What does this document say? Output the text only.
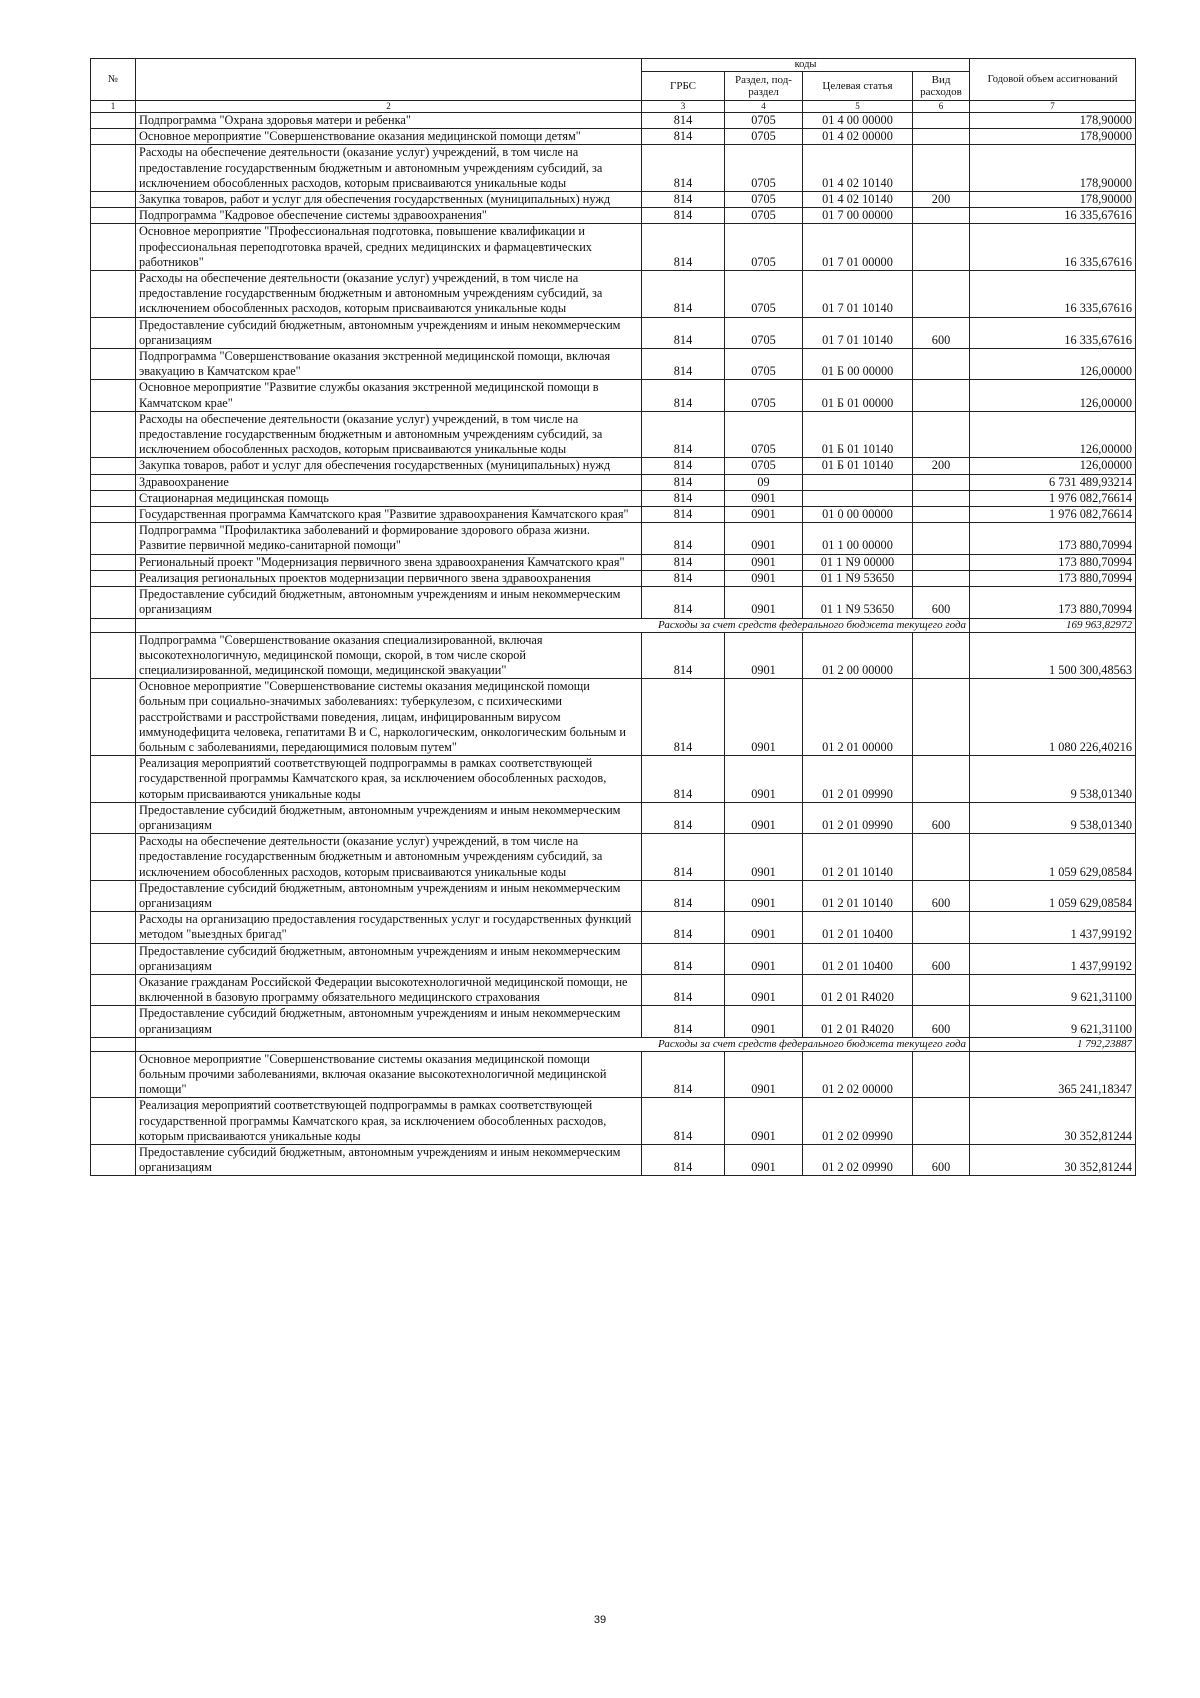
№		коды				Годовой объем ассигнований
		ГРБС	Раздел, под-раздел	Целевая статья	Вид расходов	
1	2	3	4	5	6	7
	Подпрограмма "Охрана здоровья матери и ребенка"	814	0705	01 4 00 00000		178,90000
	Основное мероприятие "Совершенствование оказания медицинской помощи детям"	814	0705	01 4 02 00000		178,90000
	Расходы на обеспечение деятельности (оказание услуг) учреждений, в том числе на предоставление государственным бюджетным и автономным учреждениям субсидий, за исключением обособленных расходов, которым присваиваются уникальные коды	814	0705	01 4 02 10140		178,90000
	Закупка товаров, работ и услуг для обеспечения государственных (муниципальных) нужд	814	0705	01 4 02 10140	200	178,90000
	Подпрограмма "Кадровое обеспечение системы здравоохранения"	814	0705	01 7 00 00000		16 335,67616
	Основное мероприятие "Профессиональная подготовка, повышение квалификации и профессиональная переподготовка врачей, средних медицинских и фармацевтических работников"	814	0705	01 7 01 00000		16 335,67616
	Расходы на обеспечение деятельности (оказание услуг) учреждений, в том числе на предоставление государственным бюджетным и автономным учреждениям субсидий, за исключением обособленных расходов, которым присваиваются уникальные коды	814	0705	01 7 01 10140		16 335,67616
	Предоставление субсидий бюджетным, автономным учреждениям и иным некоммерческим организациям	814	0705	01 7 01 10140	600	16 335,67616
	Подпрограмма "Совершенствование оказания экстренной медицинской помощи, включая эвакуацию в Камчатском крае"	814	0705	01 Б 00 00000		126,00000
	Основное мероприятие "Развитие службы оказания экстренной медицинской помощи в Камчатском крае"	814	0705	01 Б 01 00000		126,00000
	Расходы на обеспечение деятельности (оказание услуг) учреждений, в том числе на предоставление государственным бюджетным и автономным учреждениям субсидий, за исключением обособленных расходов, которым присваиваются уникальные коды	814	0705	01 Б 01 10140		126,00000
	Закупка товаров, работ и услуг для обеспечения государственных (муниципальных) нужд	814	0705	01 Б 01 10140	200	126,00000
	Здравоохранение	814	09			6 731 489,93214
	Стационарная медицинская помощь	814	0901			1 976 082,76614
	Государственная программа Камчатского края "Развитие здравоохранения Камчатского края"	814	0901	01 0 00 00000		1 976 082,76614
	Подпрограмма "Профилактика заболеваний и формирование здорового образа жизни. Развитие первичной медико-санитарной помощи"	814	0901	01 1 00 00000		173 880,70994
	Региональный проект "Модернизация первичного звена здравоохранения Камчатского края"	814	0901	01 1 N9 00000		173 880,70994
	Реализация региональных проектов модернизации первичного звена здравоохранения	814	0901	01 1 N9 53650		173 880,70994
	Предоставление субсидий бюджетным, автономным учреждениям и иным некоммерческим организациям	814	0901	01 1 N9 53650	600	173 880,70994
	Расходы за счет средств федерального бюджета текущего года					169 963,82972
	Подпрограмма "Совершенствование оказания специализированной, включая высокотехнологичную, медицинской помощи, скорой, в том числе скорой специализированной, медицинской помощи, медицинской эвакуации"	814	0901	01 2 00 00000		1 500 300,48563
	Основное мероприятие "Совершенствование системы оказания медицинской помощи больным при социально-значимых заболеваниях: туберкулезом, с психическими расстройствами и расстройствами поведения, лицам, инфицированным вирусом иммунодефицита человека, гепатитами В и С, наркологическим, онкологическим больным и больным с заболеваниями, передающимися половым путем"	814	0901	01 2 01 00000		1 080 226,40216
	Реализация мероприятий соответствующей подпрограммы в рамках соответствующей государственной программы Камчатского края, за исключением обособленных расходов, которым присваиваются уникальные коды	814	0901	01 2 01 09990		9 538,01340
	Предоставление субсидий бюджетным, автономным учреждениям и иным некоммерческим организациям	814	0901	01 2 01 09990	600	9 538,01340
	Расходы на обеспечение деятельности (оказание услуг) учреждений, в том числе на предоставление государственным бюджетным и автономным учреждениям субсидий, за исключением обособленных расходов, которым присваиваются уникальные коды	814	0901	01 2 01 10140		1 059 629,08584
	Предоставление субсидий бюджетным, автономным учреждениям и иным некоммерческим организациям	814	0901	01 2 01 10140	600	1 059 629,08584
	Расходы на организацию предоставления государственных услуг и государственных функций методом "выездных бригад"	814	0901	01 2 01 10400		1 437,99192
	Предоставление субсидий бюджетным, автономным учреждениям и иным некоммерческим организациям	814	0901	01 2 01 10400	600	1 437,99192
	Оказание гражданам Российской Федерации высокотехнологичной медицинской помощи, не включенной в базовую программу обязательного медицинского страхования	814	0901	01 2 01 R4020		9 621,31100
	Предоставление субсидий бюджетным, автономным учреждениям и иным некоммерческим организациям	814	0901	01 2 01 R4020	600	9 621,31100
	Расходы за счет средств федерального бюджета текущего года					1 792,23887
	Основное мероприятие "Совершенствование системы оказания медицинской помощи больным прочими заболеваниями, включая оказание высокотехнологичной медицинской помощи"	814	0901	01 2 02 00000		365 241,18347
	Реализация мероприятий соответствующей подпрограммы в рамках соответствующей государственной программы Камчатского края, за исключением обособленных расходов, которым присваиваются уникальные коды	814	0901	01 2 02 09990		30 352,81244
	Предоставление субсидий бюджетным, автономным учреждениям и иным некоммерческим организациям	814	0901	01 2 02 09990	600	30 352,81244
39
